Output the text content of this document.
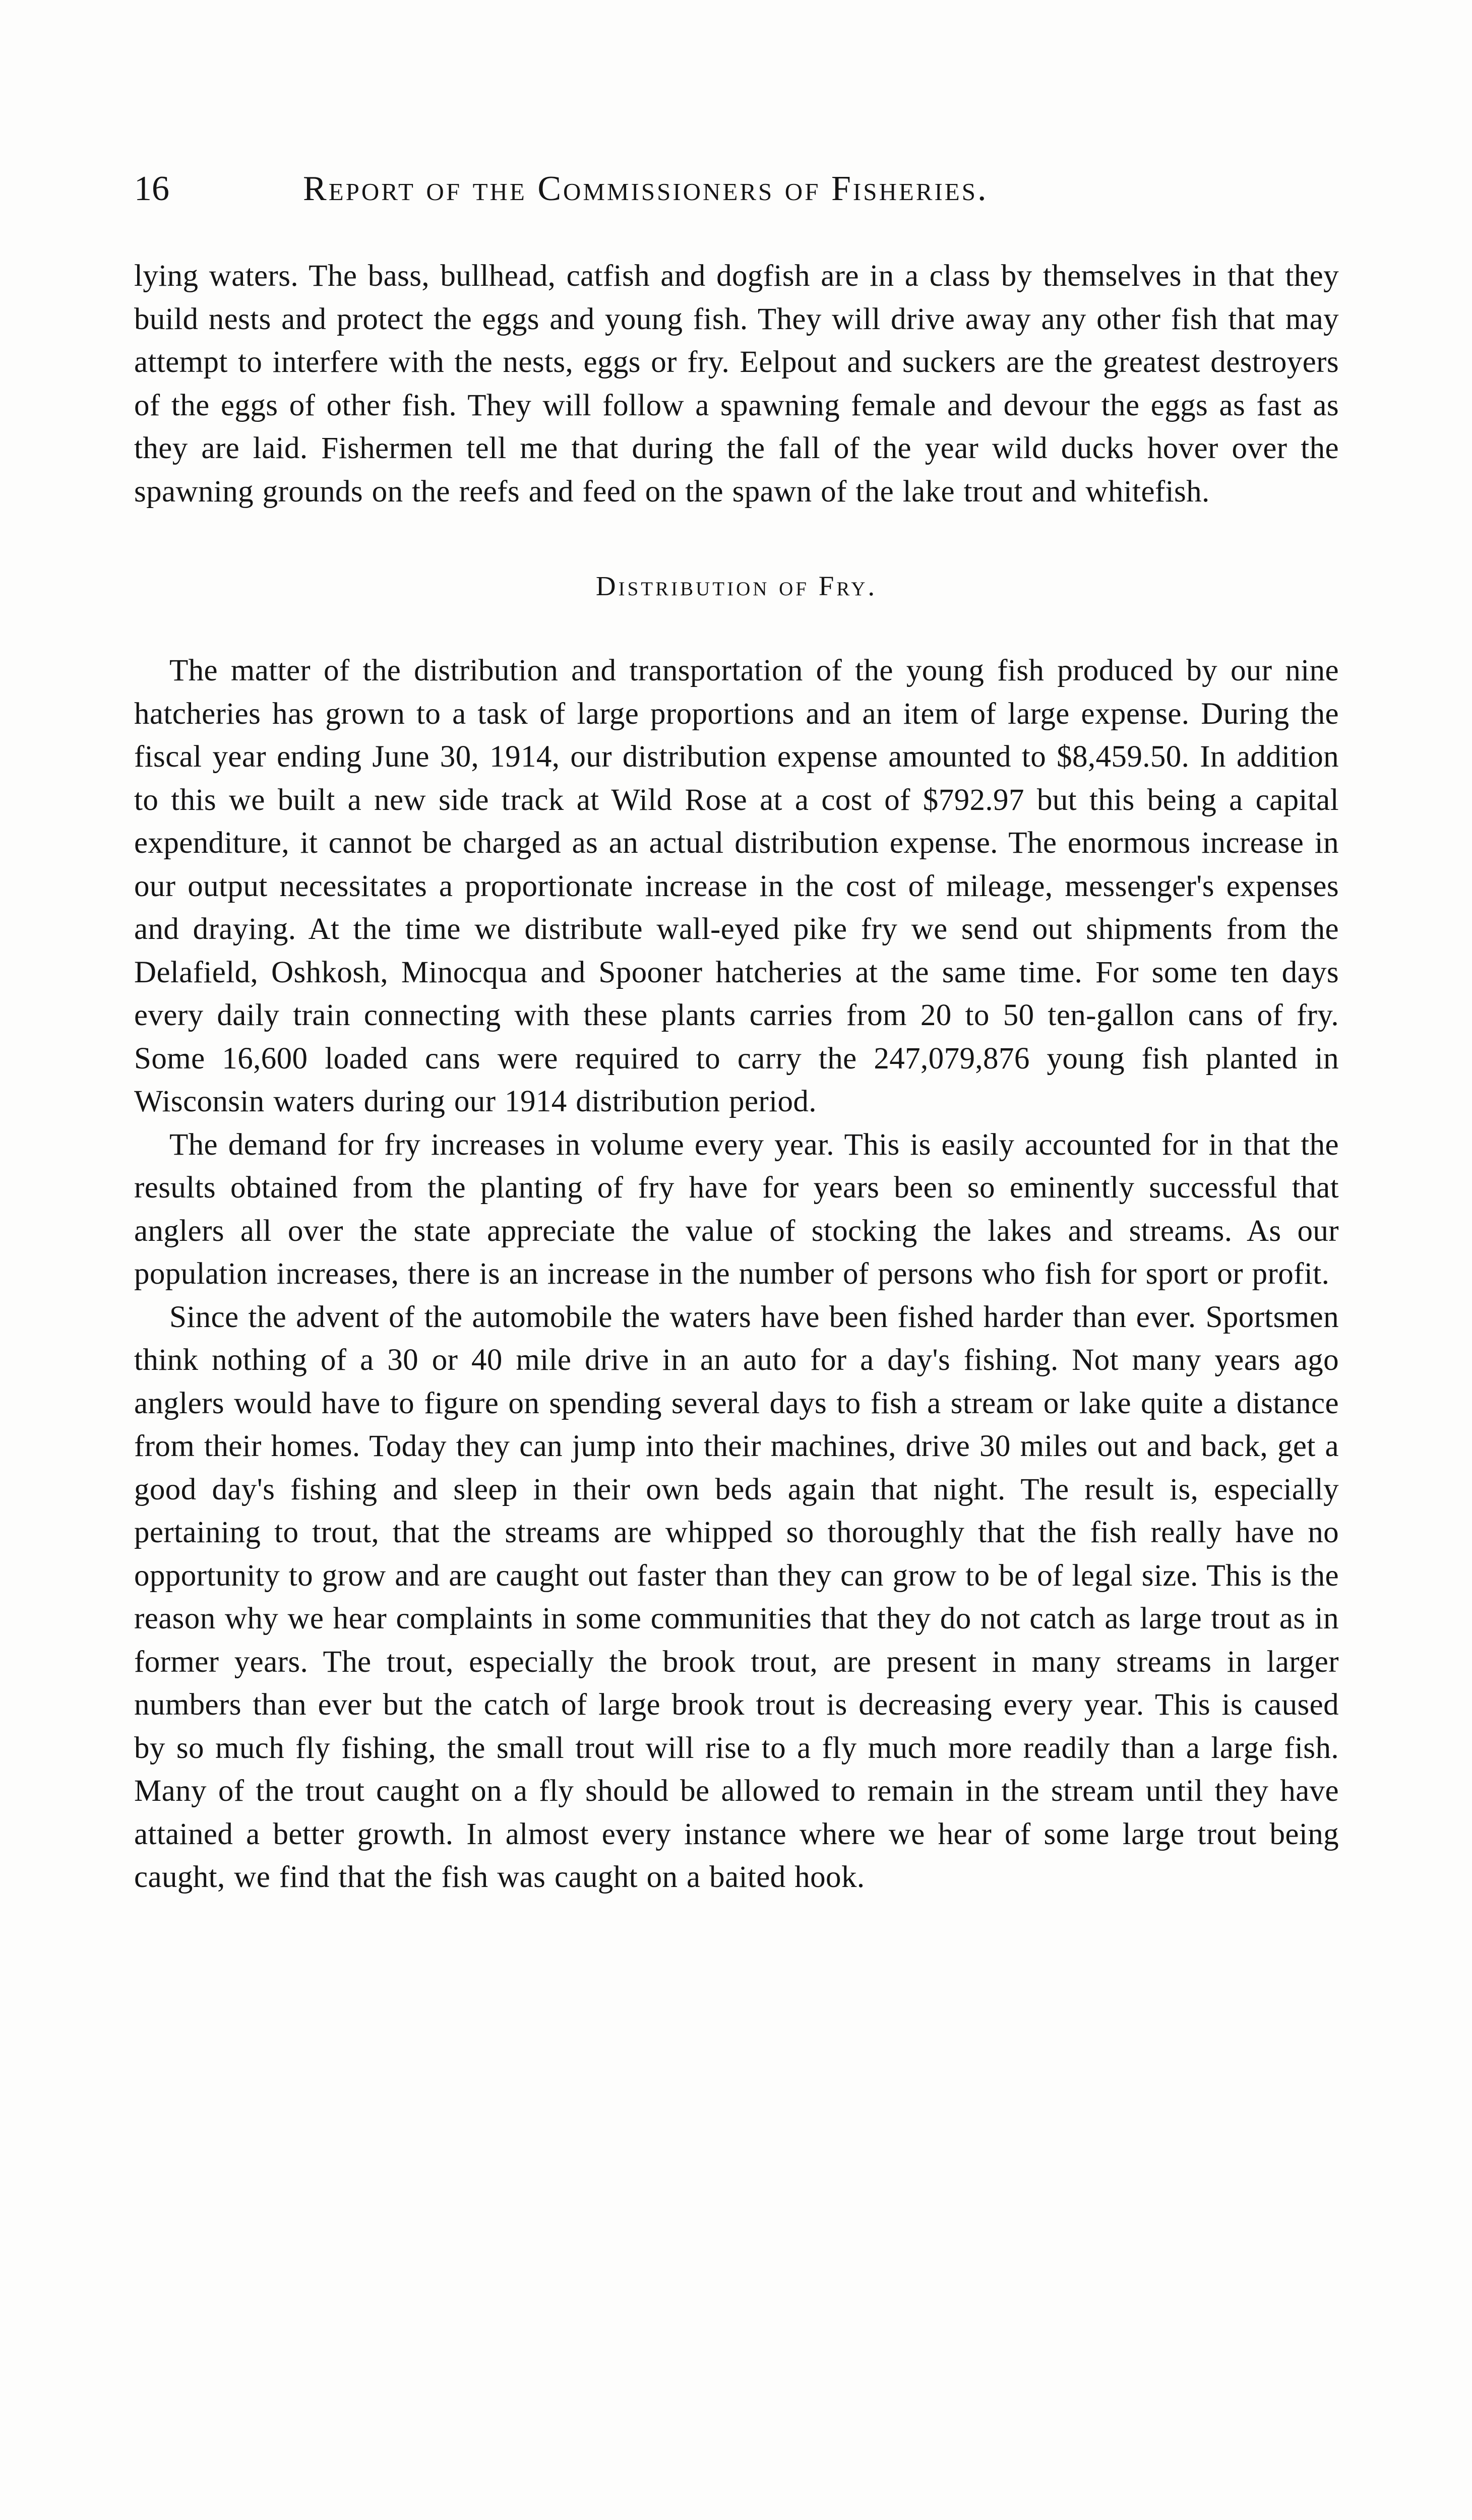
16	Report of the Commissioners of Fisheries.

lying waters. The bass, bullhead, catfish and dogfish are in a class by themselves in that they build nests and protect the eggs and young fish. They will drive away any other fish that may attempt to interfere with the nests, eggs or fry. Eelpout and suckers are the greatest destroyers of the eggs of other fish. They will follow a spawning female and devour the eggs as fast as they are laid. Fishermen tell me that during the fall of the year wild ducks hover over the spawning grounds on the reefs and feed on the spawn of the lake trout and whitefish.

Distribution of Fry.

The matter of the distribution and transportation of the young fish produced by our nine hatcheries has grown to a task of large proportions and an item of large expense. During the fiscal year ending June 30, 1914, our distribution expense amounted to $8,459.50. In addition to this we built a new side track at Wild Rose at a cost of $792.97 but this being a capital expenditure, it cannot be charged as an actual distribution expense. The enormous increase in our output necessitates a proportionate increase in the cost of mileage, messenger's expenses and draying. At the time we distribute wall-eyed pike fry we send out shipments from the Delafield, Oshkosh, Minocqua and Spooner hatcheries at the same time. For some ten days every daily train connecting with these plants carries from 20 to 50 ten-gallon cans of fry. Some 16,600 loaded cans were required to carry the 247,079,876 young fish planted in Wisconsin waters during our 1914 distribution period.

The demand for fry increases in volume every year. This is easily accounted for in that the results obtained from the planting of fry have for years been so eminently successful that anglers all over the state appreciate the value of stocking the lakes and streams. As our population increases, there is an increase in the number of persons who fish for sport or profit.

Since the advent of the automobile the waters have been fished harder than ever. Sportsmen think nothing of a 30 or 40 mile drive in an auto for a day's fishing. Not many years ago anglers would have to figure on spending several days to fish a stream or lake quite a distance from their homes. Today they can jump into their machines, drive 30 miles out and back, get a good day's fishing and sleep in their own beds again that night. The result is, especially pertaining to trout, that the streams are whipped so thoroughly that the fish really have no opportunity to grow and are caught out faster than they can grow to be of legal size. This is the reason why we hear complaints in some communities that they do not catch as large trout as in former years. The trout, especially the brook trout, are present in many streams in larger numbers than ever but the catch of large brook trout is decreasing every year. This is caused by so much fly fishing, the small trout will rise to a fly much more readily than a large fish. Many of the trout caught on a fly should be allowed to remain in the stream until they have attained a better growth. In almost every instance where we hear of some large trout being caught, we find that the fish was caught on a baited hook.
